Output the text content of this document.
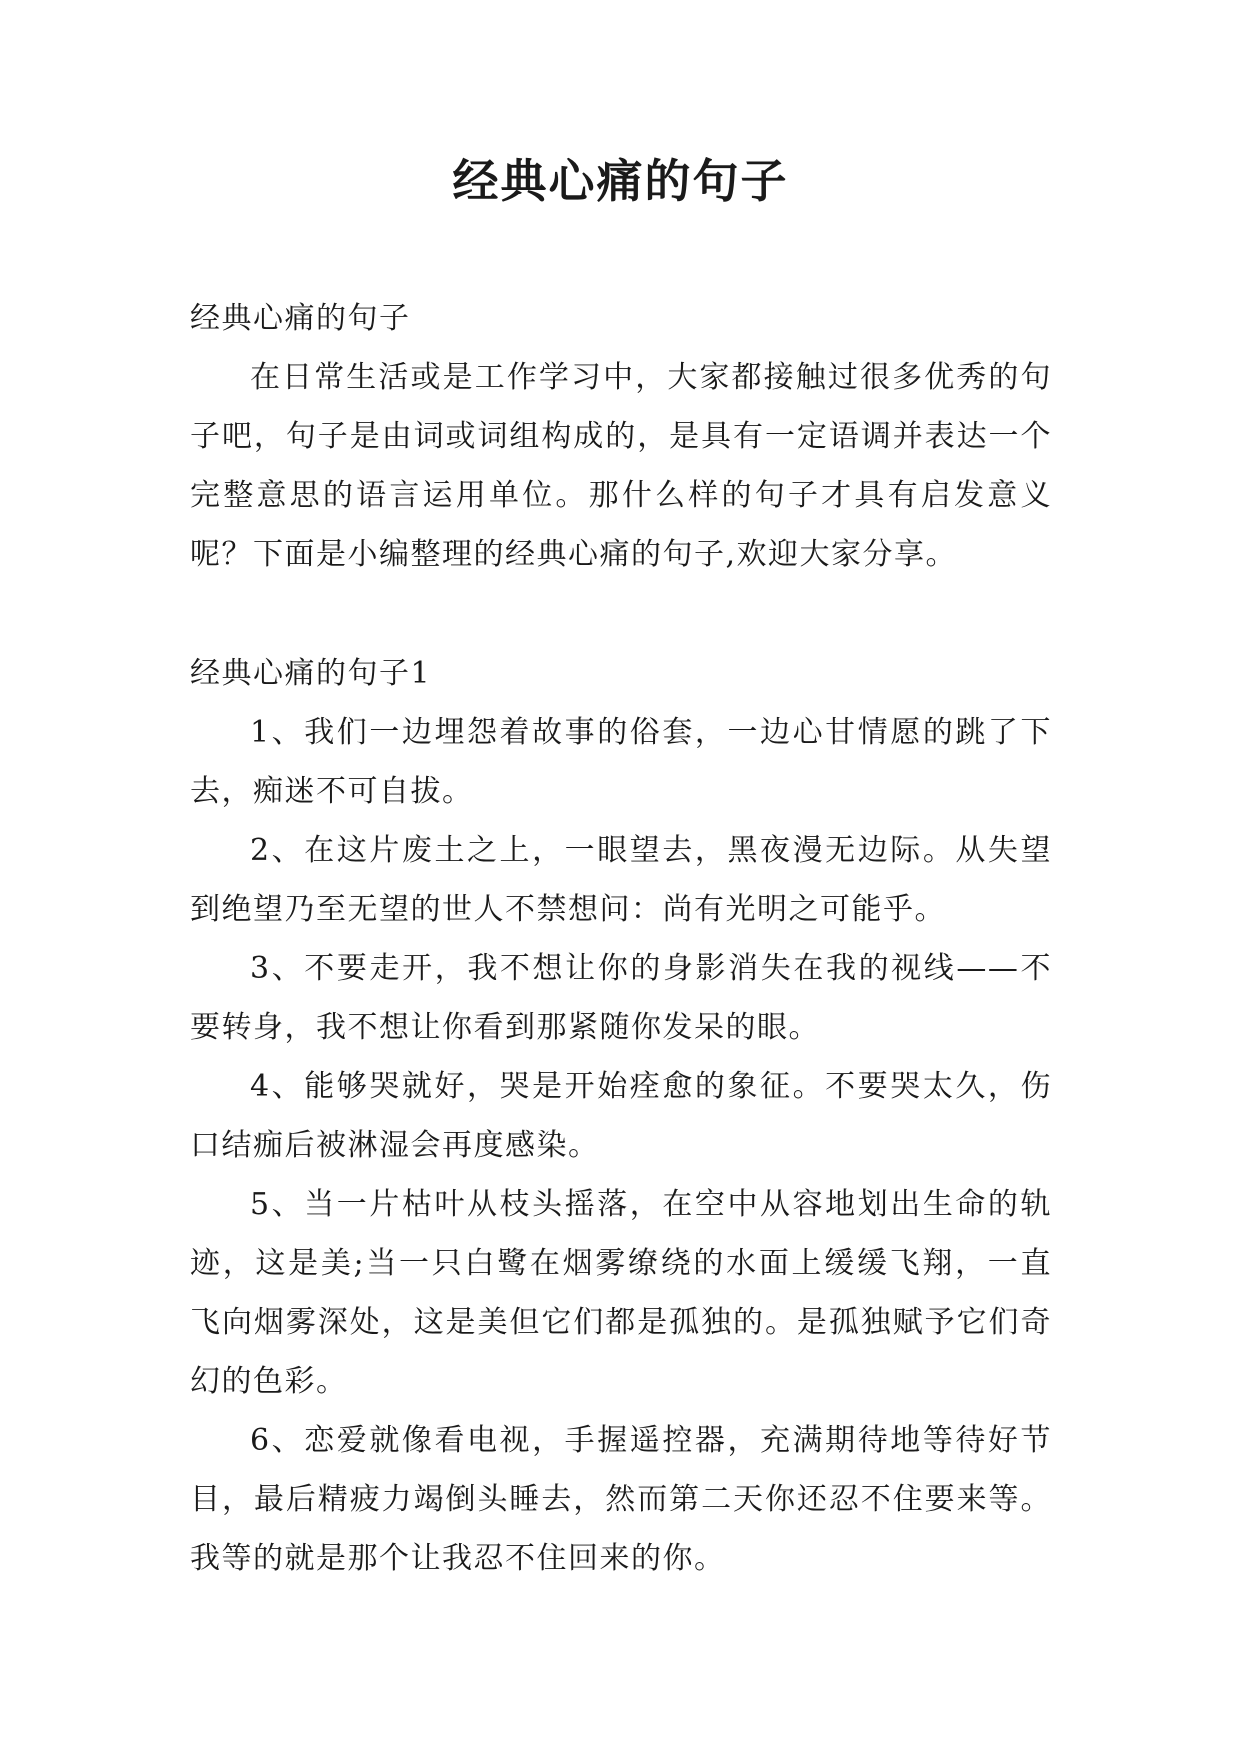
经典心痛的句子

经典心痛的句子

在日常生活或是工作学习中，大家都接触过很多优秀的句子吧，句子是由词或词组构成的，是具有一定语调并表达一个完整意思的语言运用单位。那什么样的句子才具有启发意义呢？下面是小编整理的经典心痛的句子,欢迎大家分享。

经典心痛的句子1

1、我们一边埋怨着故事的俗套，一边心甘情愿的跳了下去，痴迷不可自拔。

2、在这片废土之上，一眼望去，黑夜漫无边际。从失望到绝望乃至无望的世人不禁想问：尚有光明之可能乎。

3、不要走开，我不想让你的身影消失在我的视线——不要转身，我不想让你看到那紧随你发呆的眼。

4、能够哭就好，哭是开始痊愈的象征。不要哭太久，伤口结痂后被淋湿会再度感染。

5、当一片枯叶从枝头摇落，在空中从容地划出生命的轨迹，这是美;当一只白鹭在烟雾缭绕的水面上缓缓飞翔，一直飞向烟雾深处，这是美但它们都是孤独的。是孤独赋予它们奇幻的色彩。

6、恋爱就像看电视，手握遥控器，充满期待地等待好节目，最后精疲力竭倒头睡去，然而第二天你还忍不住要来等。我等的就是那个让我忍不住回来的你。
